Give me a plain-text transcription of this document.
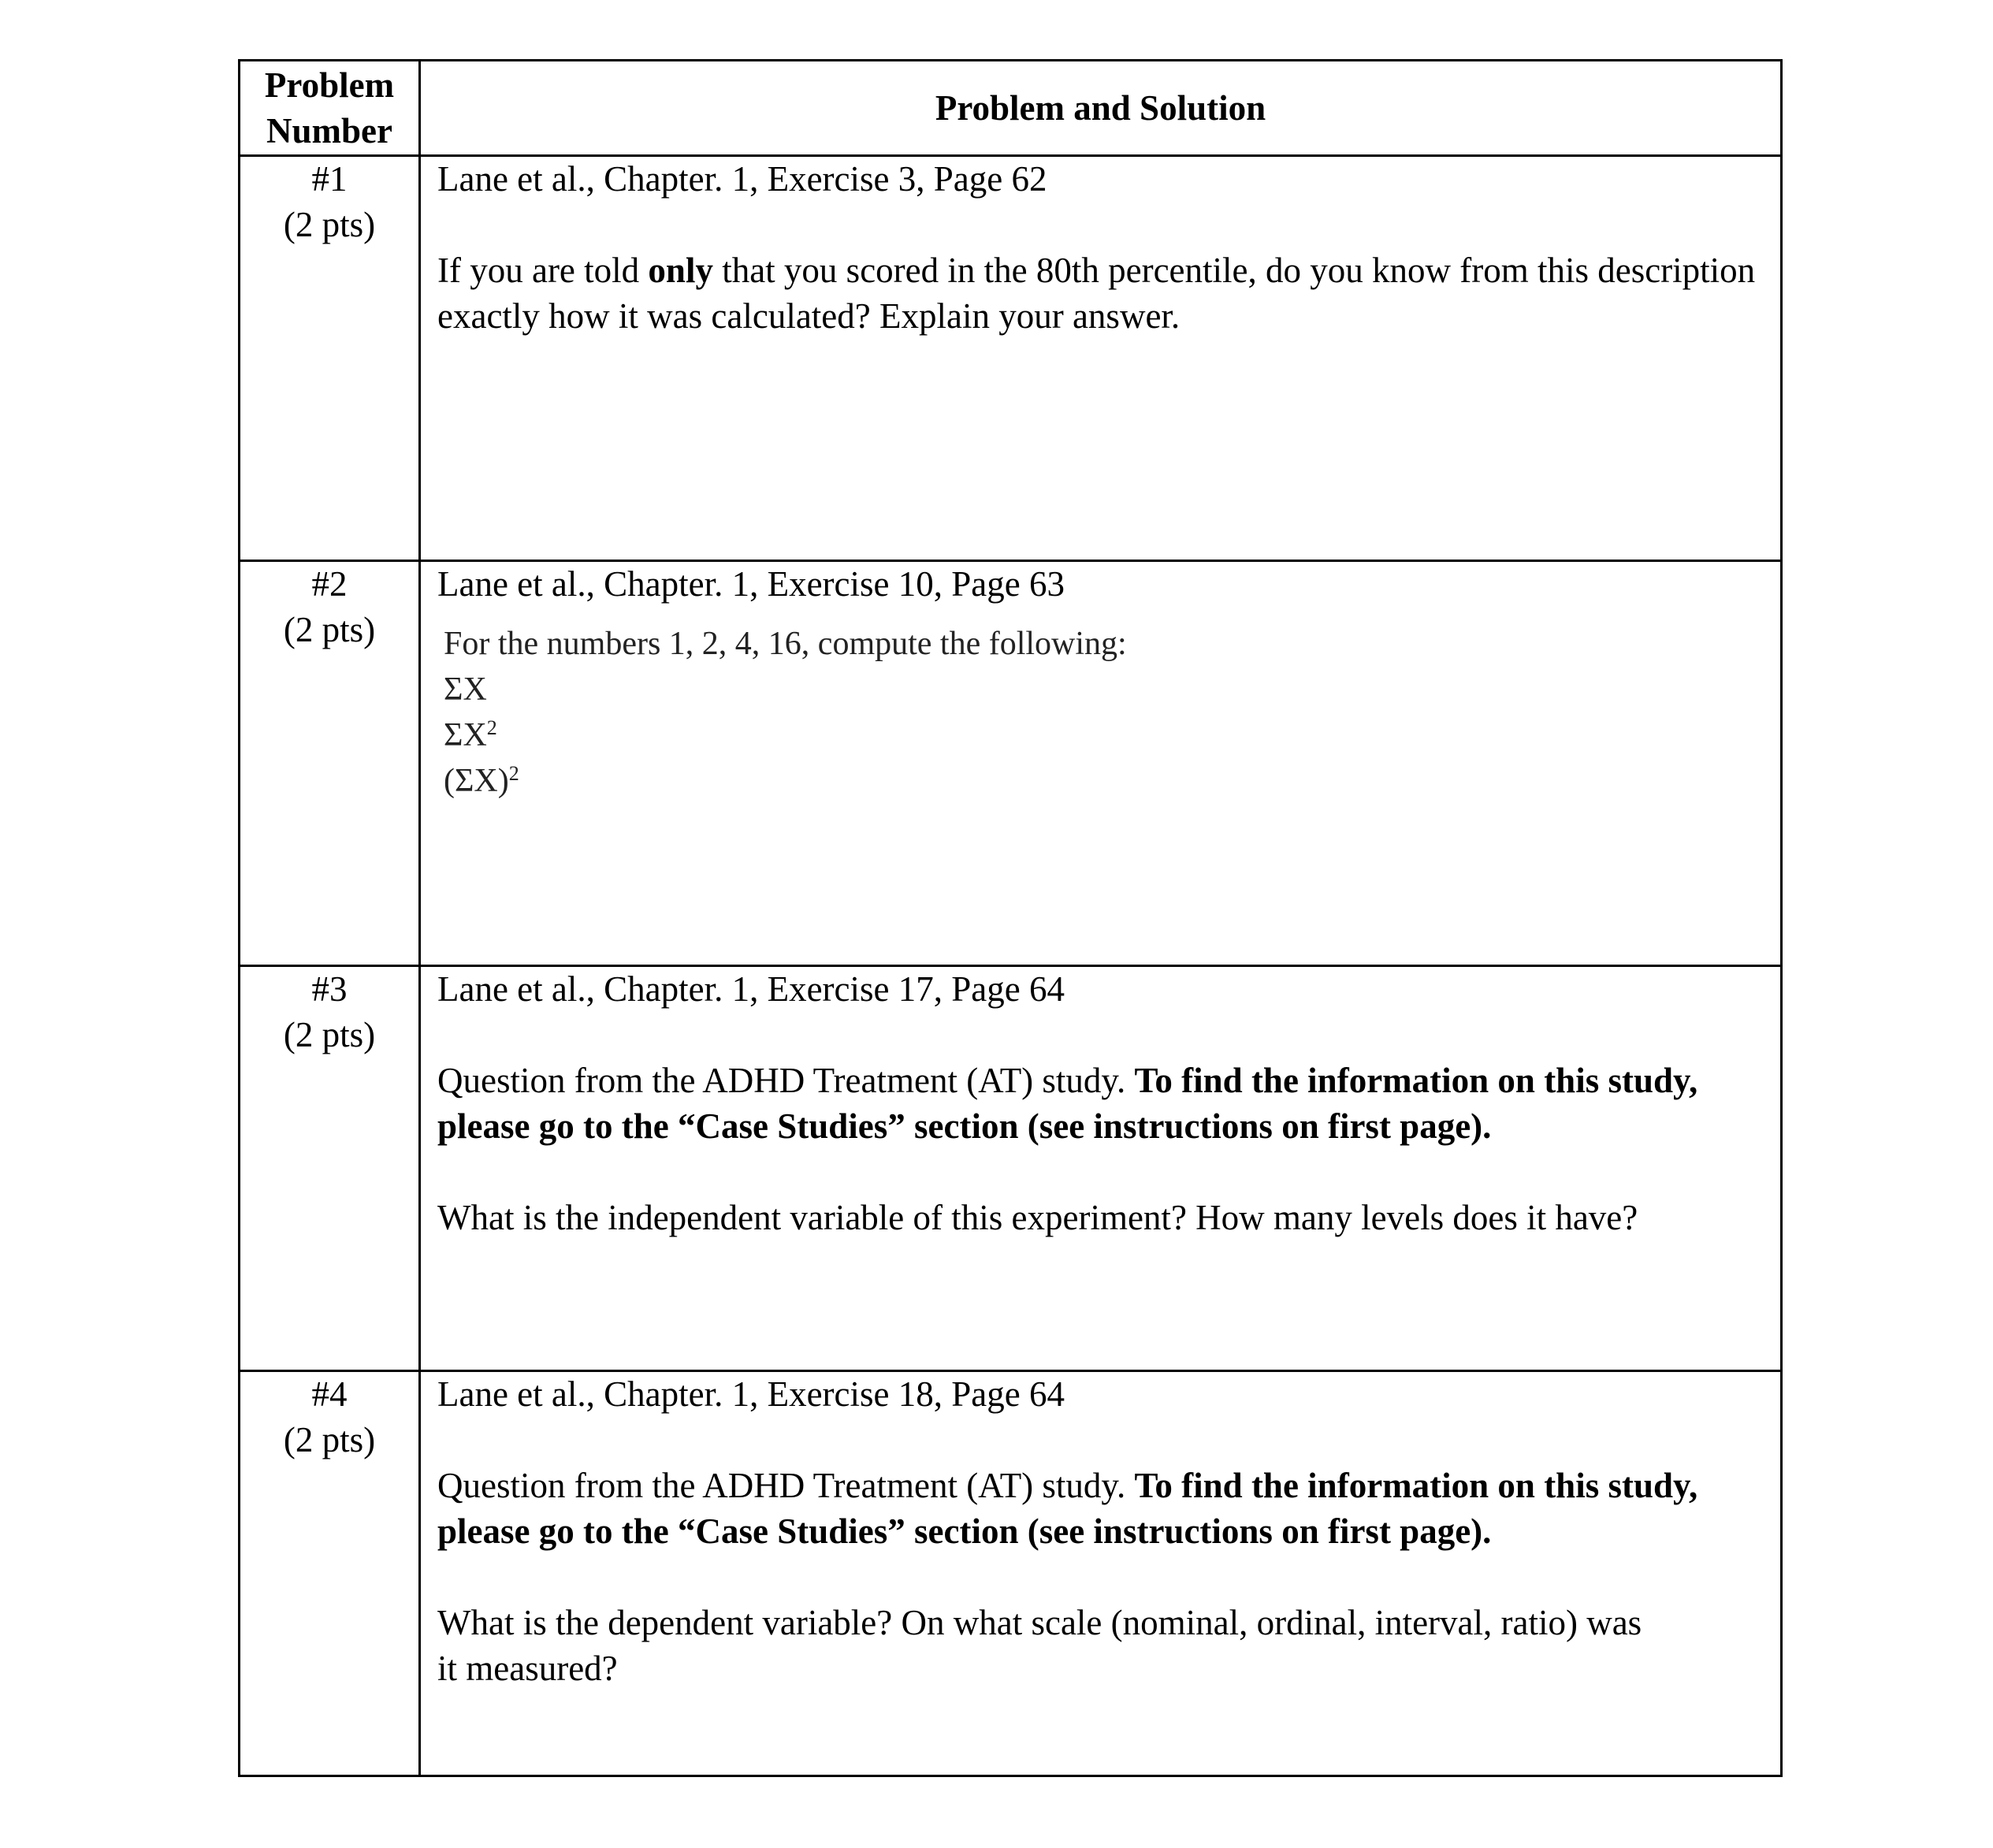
Problem
Number
Problem and Solution
#1
(2 pts)

Lane et al., Chapter. 1, Exercise 3, Page 62

If you are told only that you scored in the 80th percentile, do you know from this description exactly how it was calculated? Explain your answer.

#2
(2 pts)

Lane et al., Chapter. 1, Exercise 10, Page 63

For the numbers 1, 2, 4, 16, compute the following:
ΣX
$\Sigma X^2$
$(\Sigma X)^2$
#3
(2 pts)

Lane et al., Chapter. 1, Exercise 17, Page 64

Question from the ADHD Treatment (AT) study. To find the information on this study, please go to the “Case Studies” section (see instructions on first page).

What is the independent variable of this experiment? How many levels does it have?

#4
(2 pts)

Lane et al., Chapter. 1, Exercise 18, Page 64

Question from the ADHD Treatment (AT) study. To find the information on this study, please go to the “Case Studies” section (see instructions on first page).

What is the dependent variable? On what scale (nominal, ordinal, interval, ratio) was it measured?
